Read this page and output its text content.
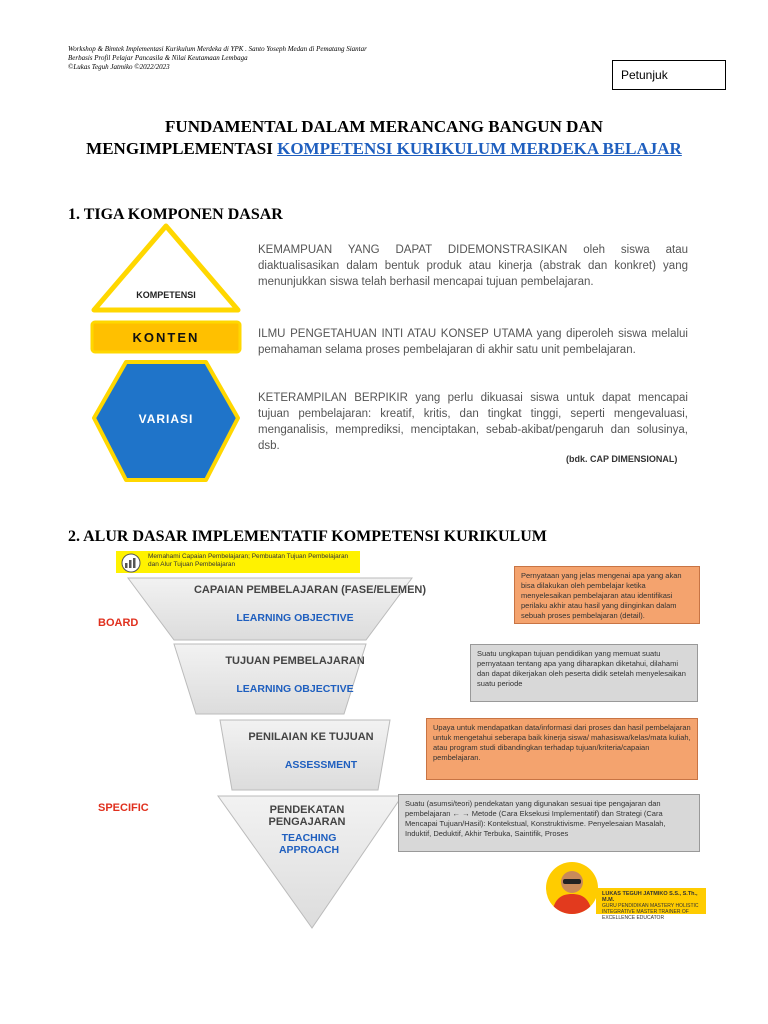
Workshop & Bimtek Implementasi Kurikulum Merdeka di YPK . Santo Yoseph Medan di Pematang Siantar
Berbasis Profil Pelajar Pancasila & Nilai Keutamaan Lembaga
©Lukas Teguh Jatmiko ©2022/2023
Petunjuk
FUNDAMENTAL DALAM MERANCANG BANGUN DAN
MENGIMPLEMENTASI KOMPETENSI KURIKULUM MERDEKA BELAJAR
1. TIGA KOMPONEN DASAR
KOMPETENSI
KONTEN
VARIASI
KEMAMPUAN YANG DAPAT DIDEMONSTRASIKAN oleh siswa atau diaktualisasikan dalam bentuk produk atau kinerja (abstrak dan konkret) yang menunjukkan siswa telah berhasil mencapai tujuan pembelajaran.
ILMU PENGETAHUAN INTI ATAU KONSEP UTAMA yang diperoleh siswa melalui pemahaman selama proses pembelajaran di akhir satu unit pembelajaran.
KETERAMPILAN BERPIKIR yang perlu dikuasai siswa untuk dapat mencapai tujuan pembelajaran: kreatif, kritis, dan tingkat tinggi, seperti mengevaluasi, menganalisis, memprediksi, menciptakan, sebab-akibat/pengaruh dan solusinya, dsb.
(bdk. CAP DIMENSIONAL)
2. ALUR DASAR IMPLEMENTATIF KOMPETENSI KURIKULUM
Memahami Capaian Pembelajaran; Pembuatan Tujuan Pembelajaran dan Alur Tujuan Pembelajaran
BOARD
SPECIFIC
CAPAIAN PEMBELAJARAN (FASE/ELEMEN)
LEARNING OBJECTIVE
TUJUAN PEMBELAJARAN
LEARNING OBJECTIVE
PENILAIAN KE TUJUAN
ASSESSMENT
PENDEKATAN PENGAJARAN
TEACHING APPROACH
Pernyataan yang jelas mengenai apa yang akan bisa dilakukan oleh pembelajar ketika menyelesaikan pembelajaran atau identifikasi perilaku akhir atau hasil yang diinginkan dalam sebuah proses pembelajaran (detail).
Suatu ungkapan tujuan pendidikan yang memuat suatu pernyataan tentang apa yang diharapkan diketahui, dilahami dan dapat dikerjakan oleh peserta didik setelah menyelesaikan suatu periode
Upaya untuk mendapatkan data/informasi dari proses dan hasil pembelajaran untuk mengetahui seberapa baik kinerja siswa/ mahasiswa/kelas/mata kuliah, atau program studi dibandingkan terhadap tujuan/kriteria/capaian pembelajaran.
Suatu (asumsi/teori) pendekatan yang digunakan sesuai tipe pengajaran dan pembelajaran ← → Metode (Cara Eksekusi Implementatif) dan Strategi (Cara Mencapai Tujuan/Hasil): Kontekstual, Konstruktivisme. Penyelesaian Masalah, Induktif, Deduktif, Akhir Terbuka, Saintifik, Proses
LUKAS TEGUH JATMIKO S.S., S.Th., M.M.
GURU PENDIDIKAN MASTERY HOLISTIC INTEGRATIVE MASTER TRAINER OF EXCELLENCE EDUCATOR
